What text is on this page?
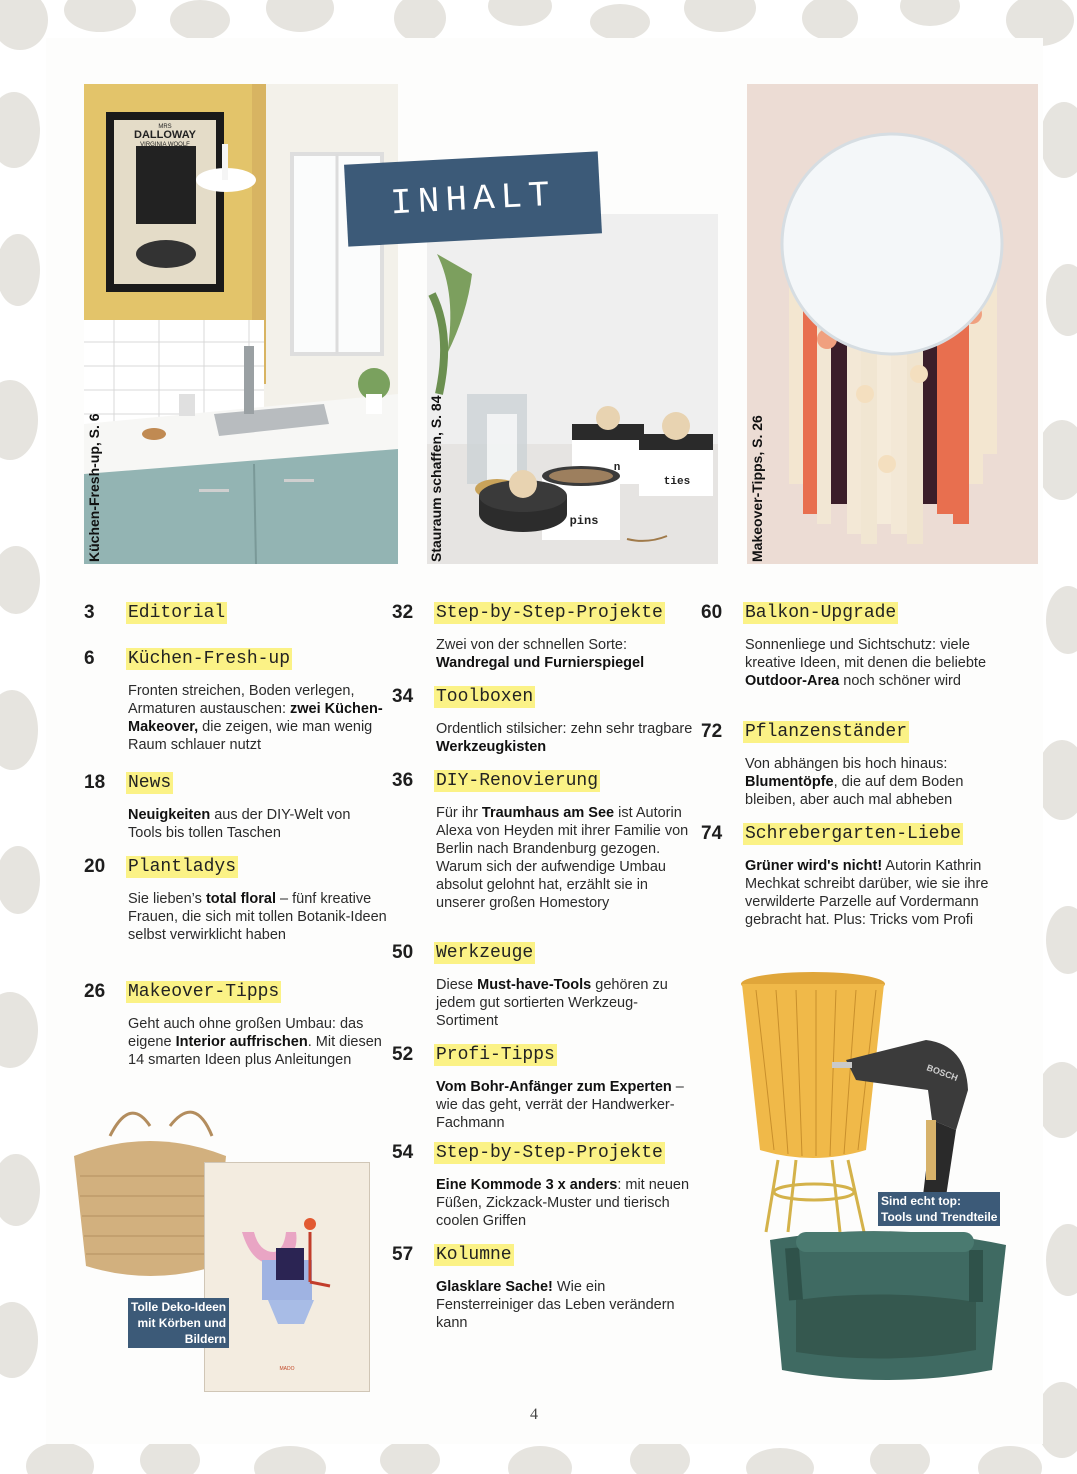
MRS
DALLOWAY
VIRGINIA WOOLF
Küchen-Fresh-up, S. 6	pins
ties
n
Stauraum schaffen, S. 84
INHALT
Makeover-Tipps, S. 26
3 Editorial
6 Küchen-Fresh-up
Fronten streichen, Boden verlegen, Armaturen austauschen: zwei Küchen-Makeover, die zeigen, wie man wenig Raum schlauer nutzt
18 News
Neuigkeiten aus der DIY-Welt von Tools bis tollen Taschen
20 Plantladys
Sie lieben’s total floral – fünf kreative Frauen, die sich mit tollen Botanik-Ideen selbst verwirklicht haben
26 Makeover-Tipps
Geht auch ohne großen Umbau: das eigene Interior auffrischen. Mit diesen 14 smarten Ideen plus Anleitungen
32 Step-by-Step-Projekte
Zwei von der schnellen Sorte: Wandregal und Furnierspiegel
34 Toolboxen
Ordentlich stilsicher: zehn sehr tragbare Werkzeugkisten
36 DIY-Renovierung
Für ihr Traumhaus am See ist Autorin Alexa von Heyden mit ihrer Familie von Berlin nach Brandenburg gezogen. Warum sich der aufwendige Umbau absolut gelohnt hat, erzählt sie in unserer großen Homestory
50 Werkzeuge
Diese Must-have-Tools gehören zu jedem gut sortierten Werkzeug-Sortiment
52 Profi-Tipps
Vom Bohr-Anfänger zum Experten – wie das geht, verrät der Handwerker-Fachmann
54 Step-by-Step-Projekte
Eine Kommode 3 x anders: mit neuen Füßen, Zickzack-Muster und tierisch coolen Griffen
57 Kolumne
Glasklare Sache! Wie ein Fensterreiniger das Leben verändern kann
60 Balkon-Upgrade
Sonnenliege und Sichtschutz: viele kreative Ideen, mit denen die beliebte Outdoor-Area noch schöner wird
72 Pflanzenständer
Von abhängen bis hoch hinaus: Blumentöpfe, die auf dem Boden bleiben, aber auch mal abheben
74 Schrebergarten-Liebe
Grüner wird's nicht! Autorin Kathrin Mechkat schreibt darüber, wie sie ihre verwilderte Parzelle auf Vordermann gebracht hat. Plus: Tricks vom Profi
MADO
Tolle Deko-Ideen
mit Körben und
Bildern
BOSCH
Sind echt top:
Tools und Trendteile
4
